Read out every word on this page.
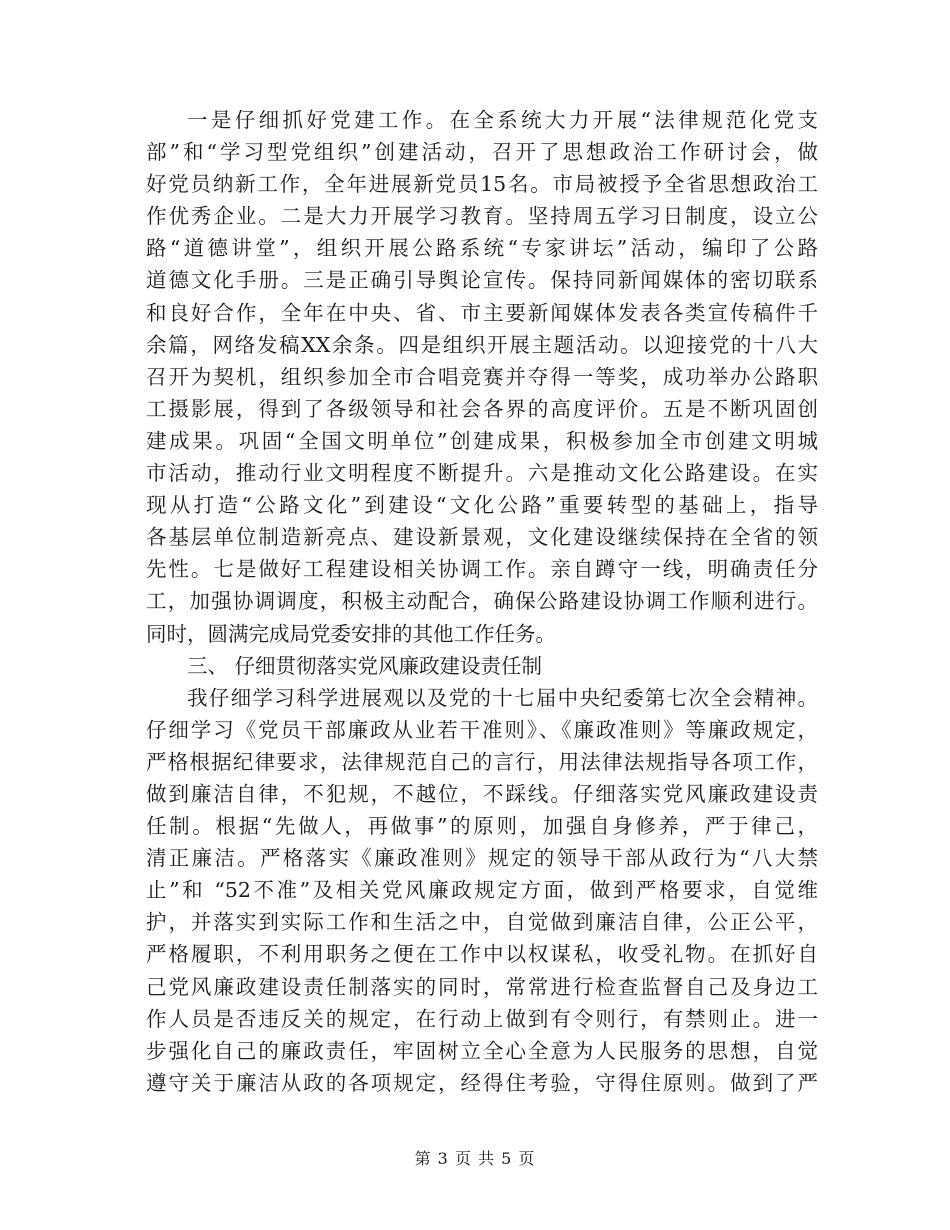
一是仔细抓好党建工作。在全系统大力开展“法律规范化党支
部”和“学习型党组织”创建活动，召开了思想政治工作研讨会，做
好党员纳新工作，全年进展新党员15名。市局被授予全省思想政治工
作优秀企业。二是大力开展学习教育。坚持周五学习日制度，设立公
路“道德讲堂”，组织开展公路系统“专家讲坛”活动，编印了公路
道德文化手册。三是正确引导舆论宣传。保持同新闻媒体的密切联系
和良好合作，全年在中央、省、市主要新闻媒体发表各类宣传稿件千
余篇，网络发稿XX余条。四是组织开展主题活动。以迎接党的十八大
召开为契机，组织参加全市合唱竞赛并夺得一等奖，成功举办公路职
工摄影展，得到了各级领导和社会各界的高度评价。五是不断巩固创
建成果。巩固“全国文明单位”创建成果，积极参加全市创建文明城
市活动，推动行业文明程度不断提升。六是推动文化公路建设。在实
现从打造“公路文化”到建设“文化公路”重要转型的基础上，指导
各基层单位制造新亮点、建设新景观，文化建设继续保持在全省的领
先性。七是做好工程建设相关协调工作。亲自蹲守一线，明确责任分
工，加强协调调度，积极主动配合，确保公路建设协调工作顺利进行。
同时，圆满完成局党委安排的其他工作任务。
三、 仔细贯彻落实党风廉政建设责任制
我仔细学习科学进展观以及党的十七届中央纪委第七次全会精神。
仔细学习《党员干部廉政从业若干准则》、《廉政准则》等廉政规定，
严格根据纪律要求，法律规范自己的言行，用法律法规指导各项工作，
做到廉洁自律，不犯规，不越位，不踩线。仔细落实党风廉政建设责
任制。根据“先做人，再做事”的原则，加强自身修养，严于律己，
清正廉洁。严格落实《廉政准则》规定的领导干部从政行为“八大禁
止”和 “52不准”及相关党风廉政规定方面，做到严格要求，自觉维
护，并落实到实际工作和生活之中，自觉做到廉洁自律，公正公平，
严格履职，不利用职务之便在工作中以权谋私，收受礼物。在抓好自
己党风廉政建设责任制落实的同时，常常进行检查监督自己及身边工
作人员是否违反关的规定，在行动上做到有令则行，有禁则止。进一
步强化自己的廉政责任，牢固树立全心全意为人民服务的思想，自觉
遵守关于廉洁从政的各项规定，经得住考验，守得住原则。做到了严
第 3 页 共 5 页
